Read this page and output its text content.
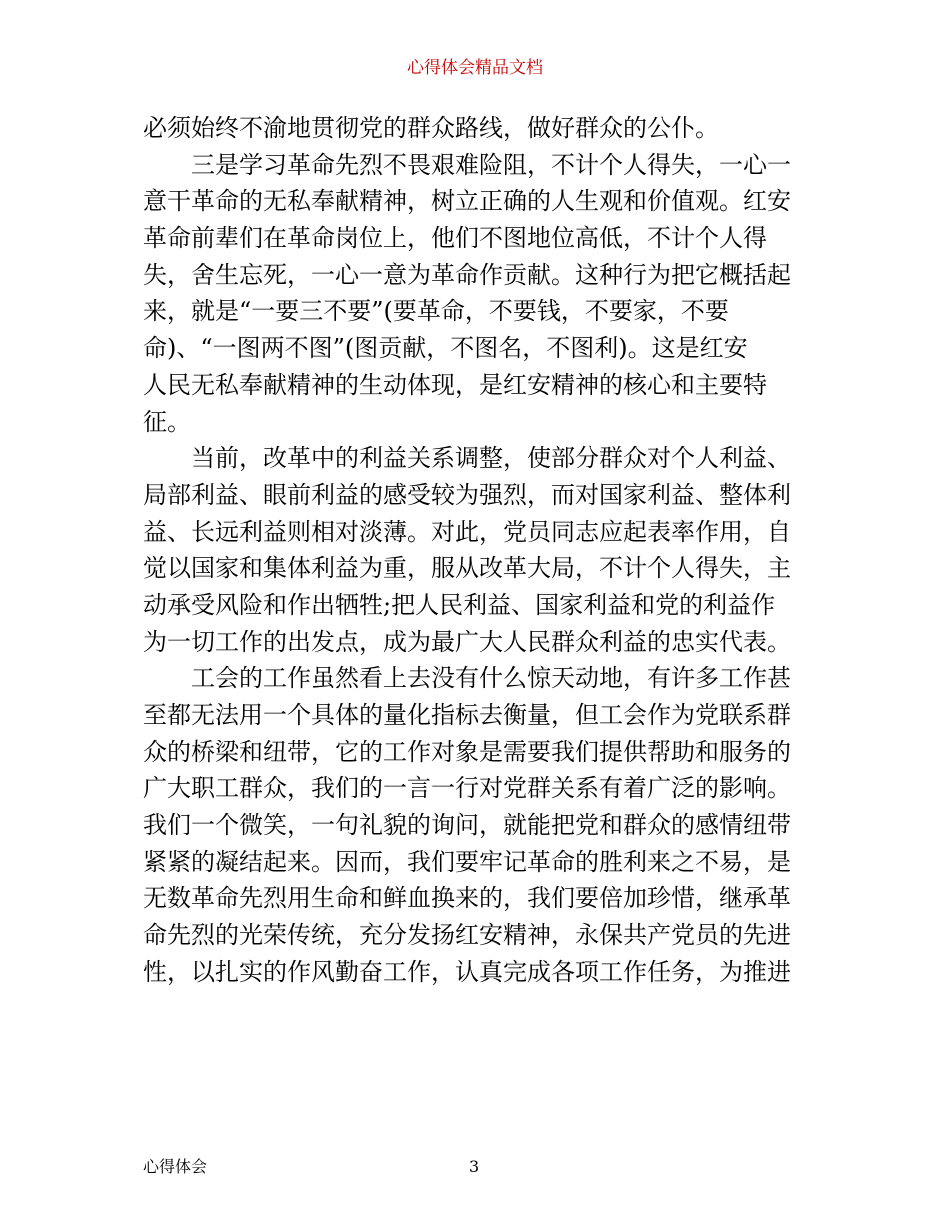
心得体会精品文档
必须始终不渝地贯彻党的群众路线，做好群众的公仆。
三是学习革命先烈不畏艰难险阻，不计个人得失，一心一
意干革命的无私奉献精神，树立正确的人生观和价值观。红安
革命前辈们在革命岗位上，他们不图地位高低，不计个人得
失，舍生忘死，一心一意为革命作贡献。这种行为把它概括起
来，就是“一要三不要”(要革命，不要钱，不要家，不要
命)、“一图两不图”(图贡献，不图名，不图利)。这是红安
人民无私奉献精神的生动体现，是红安精神的核心和主要特
征。
当前，改革中的利益关系调整，使部分群众对个人利益、
局部利益、眼前利益的感受较为强烈，而对国家利益、整体利
益、长远利益则相对淡薄。对此，党员同志应起表率作用，自
觉以国家和集体利益为重，服从改革大局，不计个人得失，主
动承受风险和作出牺牲;把人民利益、国家利益和党的利益作
为一切工作的出发点，成为最广大人民群众利益的忠实代表。
工会的工作虽然看上去没有什么惊天动地，有许多工作甚
至都无法用一个具体的量化指标去衡量，但工会作为党联系群
众的桥梁和纽带，它的工作对象是需要我们提供帮助和服务的
广大职工群众，我们的一言一行对党群关系有着广泛的影响。
我们一个微笑，一句礼貌的询问，就能把党和群众的感情纽带
紧紧的凝结起来。因而，我们要牢记革命的胜利来之不易，是
无数革命先烈用生命和鲜血换来的，我们要倍加珍惜，继承革
命先烈的光荣传统，充分发扬红安精神，永保共产党员的先进
性，以扎实的作风勤奋工作，认真完成各项工作任务，为推进
心得体会	3
